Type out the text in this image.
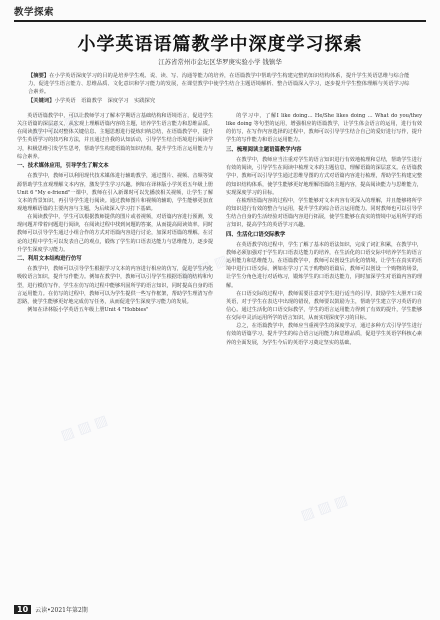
教学探索
小学英语语篇教学中深度学习探索
江苏省常州市金坛区华罗庚实验小学 钱镇华
【摘要】在小学英语深度学习的目的是培养学生观、说、读、写、沟通等能力的培养，在语篇教学中帮助学生构建完整的知识结构体系，提升学生英语思维与综合能力，促进学生语言能力、思维品质、文化意识和学习能力的发展，在课堂教学中使学生结合主题语境解析、整合语篇深入学习，逐步提升学生整体理解与英语学习综合素养。
【关键词】小学英语　语篇教学　深度学习　实践探究

英语语篇教学中，可以让教师学习了解本学期语言基础结构和语境语言，促进学生关注语篇的深层意义，从宏观上理解语篇内容的主题，培养学生语言能力和思维品质。在阅读教学中可以对整体关键信息、主题思想进行提炼归纳总结，在语篇教学中，提升学生英语学习的技巧和方法，并且通过自我的认知活动，引导学生结合语境进行阅读学习，积极思维引发学生思考，帮助学生构建语篇的知识结构，提升学生语言运用能力与综合素养。

一、技术媒体应用，引导学生了解文本

在教学中，教师可以利用现代技术媒体进行辅助教学，通过图片、视频、音频等资源帮助学生直观理解文本内容，激发学生学习兴趣。例如在译林版小学英语五年级上册Unit 6 "My e-friend"一课中，教师在引入新课时可以先播放相关视频，让学生了解文本的背景知识，再引导学生进行阅读。通过教师图片和视频的辅助，学生能够更加直观地理解语篇的主要内容与主题，为后续深入学习打下基础。

在阅读教学中，学生可以根据教师提供的图片或者视频，对语篇内容进行预测，发现问题并带着问题进行阅读，在阅读过程中找到问题的答案，从而提高阅读效率。同时教师可以引导学生通过小组合作的方式对语篇内容进行讨论，加深对语篇的理解。在讨论的过程中学生可以发表自己的观点，锻炼了学生的口语表达能力与思维能力，逐步提升学生深度学习能力。

二、利用文本结构进行仿写

在教学中，教师可以引导学生根据学习文本的内容进行相应的仿写，促进学生内化吸收语言知识，提升写作能力。例如在教学中，教师可以引导学生根据语篇的结构和句型，进行模仿写作，学生在仿写的过程中能够巩固所学的语言知识，同时提高自身的语言运用能力。在仿写的过程中，教师可以为学生提供一些写作框架，帮助学生理清写作思路，使学生能够更好地完成仿写任务，从而促进学生深度学习能力的发展。

例如在译林版小学英语五年级上册Unit 4 "Hobbies"

的学习中，了解I like doing… He/She likes doing … What do you/they like doing 等句型的运用，增强相应的语篇教学，让学生体会语言的运用，进行有效的仿写，在写作内容选择的过程中，教师可以引导学生结合自己的爱好进行写作，提升学生的写作能力和语言运用能力。

三、梳理阅读主题语篇教学内容

在教学中，教师应当注重对学生的语言知识进行有效地梳理和总结，帮助学生进行有效的阅读，引导学生在阅读中梳理文本的主题信息，理解语篇的深层意义。在语篇教学中，教师可以引导学生通过思维导图的方式对语篇内容进行梳理，帮助学生构建完整的知识结构体系，使学生能够更好地理解语篇的主题内容，提高阅读能力与思维能力，实现深度学习的目标。

在梳理语篇内容的过程中，学生能够对文本内容有更深入的理解，并且能够将所学的知识进行有效的整合与运用，提升学生的综合语言运用能力。同时教师也可以引导学生结合自身的生活经验对语篇内容进行拓展，使学生能够在真实的情境中运用所学的语言知识，提高学生的英语学习兴趣。

四、生活化口语交际教学

在英语教学的过程中，学生了解了基本的语法知识，完成了词汇积累，在教学中，教师必须加强对于学生的口语表达能力的培养，在生活化的口语交际中培养学生的语言运用能力和思维能力。在语篇教学中，教师可以创设生活化的情境，让学生在真实的语境中进行口语交际，例如在学习了关于购物的语篇后，教师可以创设一个购物的场景，让学生分角色进行对话练习，锻炼学生的口语表达能力，同时加深学生对语篇内容的理解。

在口语交际的过程中，教师需要注意对学生进行适当的引导，鼓励学生大胆开口说英语，对于学生在表达中出现的错误，教师要以鼓励为主，帮助学生建立学习英语的自信心。通过生活化的口语交际教学，学生的语言运用能力得到了有效的提升，学生能够在交际中灵活运用所学的语言知识，从而实现深度学习的目标。

总之，在语篇教学中，教师应当重视学生的深度学习，通过多种方式引导学生进行有效的语篇学习，提升学生的综合语言运用能力和思维品质，促进学生英语学科核心素养的全面发展，为学生今后的英语学习奠定坚实的基础。

▨ ▨ ▨
▨ ▨ ▨
▨ ▨ ▨
▨ ▨ ▨
10	云读•2021年第2期
